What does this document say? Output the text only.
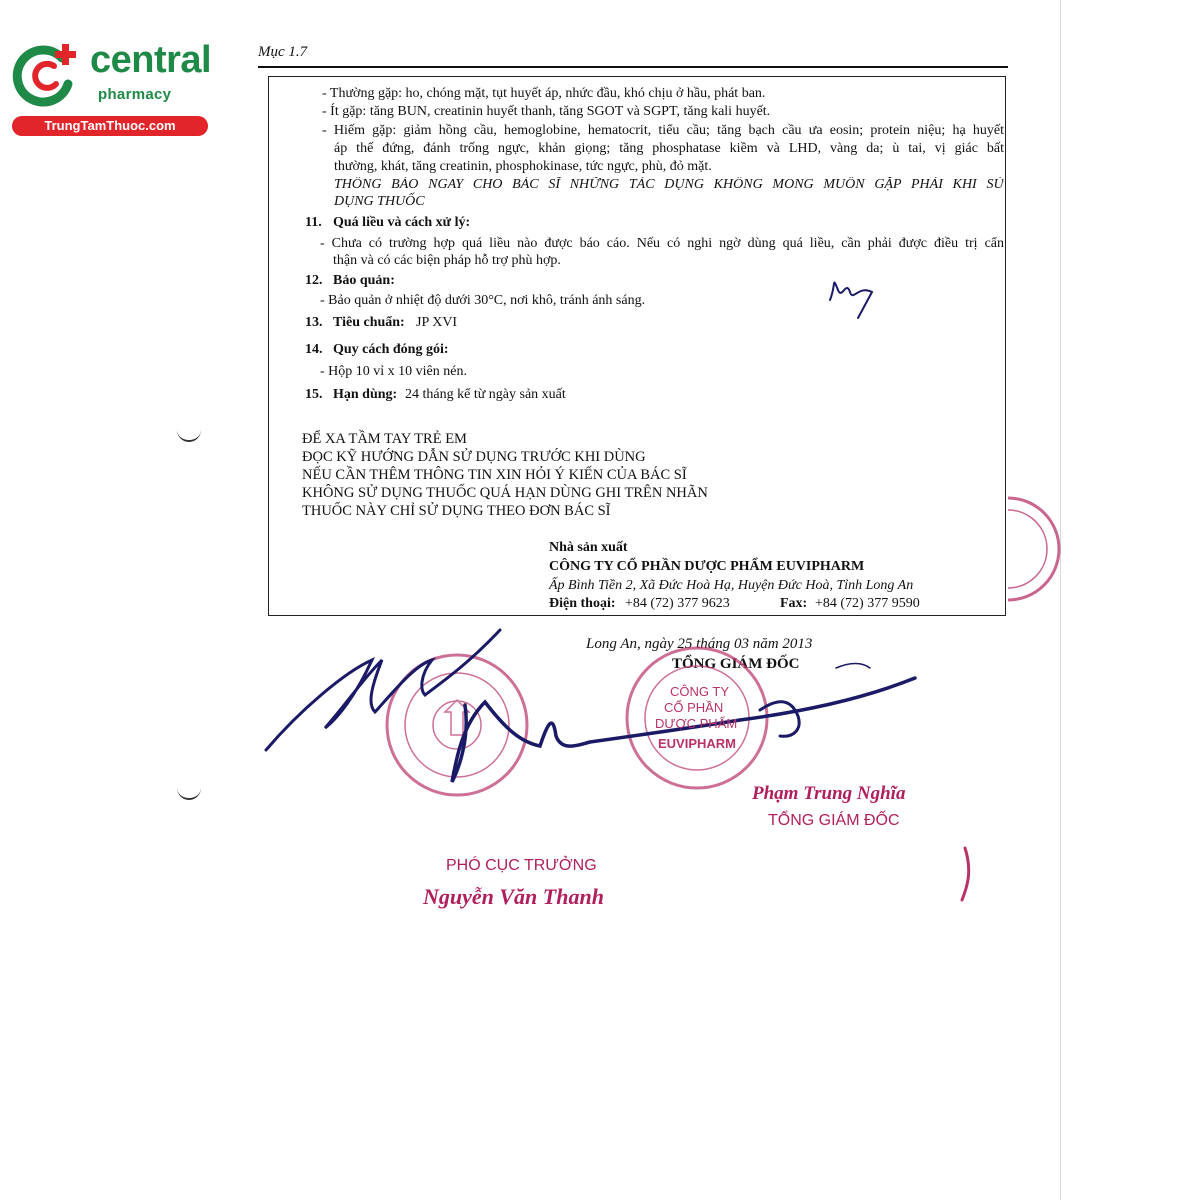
central
pharmacy
TrungTamThuoc.com
Mục 1.7
- Thường gặp: ho, chóng mặt, tụt huyết áp, nhức đầu, khó chịu ở hầu, phát ban.
- Ít gặp: tăng BUN, creatinin huyết thanh, tăng SGOT và SGPT, tăng kali huyết.
- Hiếm gặp: giảm hồng cầu, hemoglobine, hematocrit, tiểu cầu; tăng bạch cầu ưa eosin; protein niệu; hạ huyết
áp thế đứng, đánh trống ngực, khản giọng; tăng phosphatase kiềm và LHD, vàng da; ù tai, vị giác bất
thường, khát, tăng creatinin, phosphokinase, tức ngực, phù, đỏ mặt.
THÔNG BÁO NGAY CHO BÁC SĨ NHỮNG TÁC DỤNG KHÔNG MONG MUỐN GẶP PHẢI KHI SỬ
DỤNG THUỐC
11. Quá liều và cách xử lý:
- Chưa có trường hợp quá liều nào được báo cáo. Nếu có nghi ngờ dùng quá liều, cần phải được điều trị cẩn
thận và có các biện pháp hỗ trợ phù hợp.
12. Bảo quản:
- Bảo quản ở nhiệt độ dưới 30°C, nơi khô, tránh ánh sáng.
13. Tiêu chuẩn: JP XVI
14. Quy cách đóng gói:
- Hộp 10 vỉ x 10 viên nén.
15. Hạn dùng: 24 tháng kể từ ngày sản xuất
ĐỂ XA TẦM TAY TRẺ EM
ĐỌC KỸ HƯỚNG DẪN SỬ DỤNG TRƯỚC KHI DÙNG
NẾU CẦN THÊM THÔNG TIN XIN HỎI Ý KIẾN CỦA BÁC SĨ
KHÔNG SỬ DỤNG THUỐC QUÁ HẠN DÙNG GHI TRÊN NHÃN
THUỐC NÀY CHỈ SỬ DỤNG THEO ĐƠN BÁC SĨ
Nhà sản xuất
CÔNG TY CỔ PHẦN DƯỢC PHẨM EUVIPHARM
Ấp Bình Tiền 2, Xã Đức Hoà Hạ, Huyện Đức Hoà, Tỉnh Long An
Điện thoại: +84 (72) 377 9623	Fax: +84 (72) 377 9590
Long An, ngày 25 tháng 03 năm 2013
TỔNG GIÁM ĐỐC
CÔNG TY
CỔ PHẦN
DƯỢC PHẨM
EUVIPHARM
Phạm Trung Nghĩa
TỔNG GIÁM ĐỐC
PHÓ CỤC TRƯỞNG
Nguyễn Văn Thanh
